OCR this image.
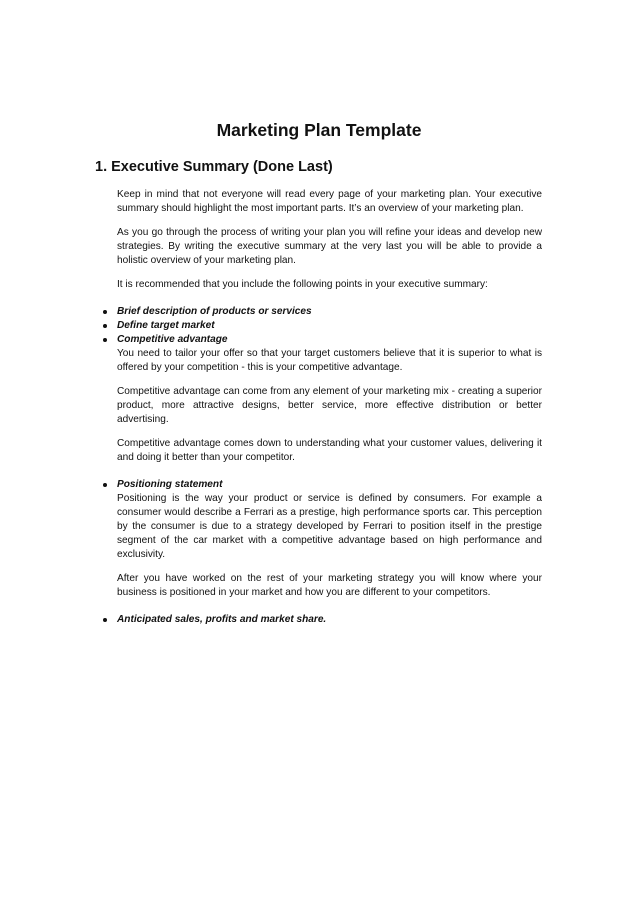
Marketing Plan Template
1. Executive Summary (Done Last)

Keep in mind that not everyone will read every page of your marketing plan. Your executive summary should highlight the most important parts. It’s an overview of your marketing plan.

As you go through the process of writing your plan you will refine your ideas and develop new strategies. By writing the executive summary at the very last you will be able to provide a holistic overview of your marketing plan.

It is recommended that you include the following points in your executive summary:

Brief description of products or services
Define target market
Competitive advantage

You need to tailor your offer so that your target customers believe that it is superior to what is offered by your competition - this is your competitive advantage.

Competitive advantage can come from any element of your marketing mix - creating a superior product, more attractive designs, better service, more effective distribution or better advertising.

Competitive advantage comes down to understanding what your customer values, delivering it and doing it better than your competitor.

Positioning statement

Positioning is the way your product or service is defined by consumers. For example a consumer would describe a Ferrari as a prestige, high performance sports car. This perception by the consumer is due to a strategy developed by Ferrari to position itself in the prestige segment of the car market with a competitive advantage based on high performance and exclusivity.

After you have worked on the rest of your marketing strategy you will know where your business is positioned in your market and how you are different to your competitors.

Anticipated sales, profits and market share.
